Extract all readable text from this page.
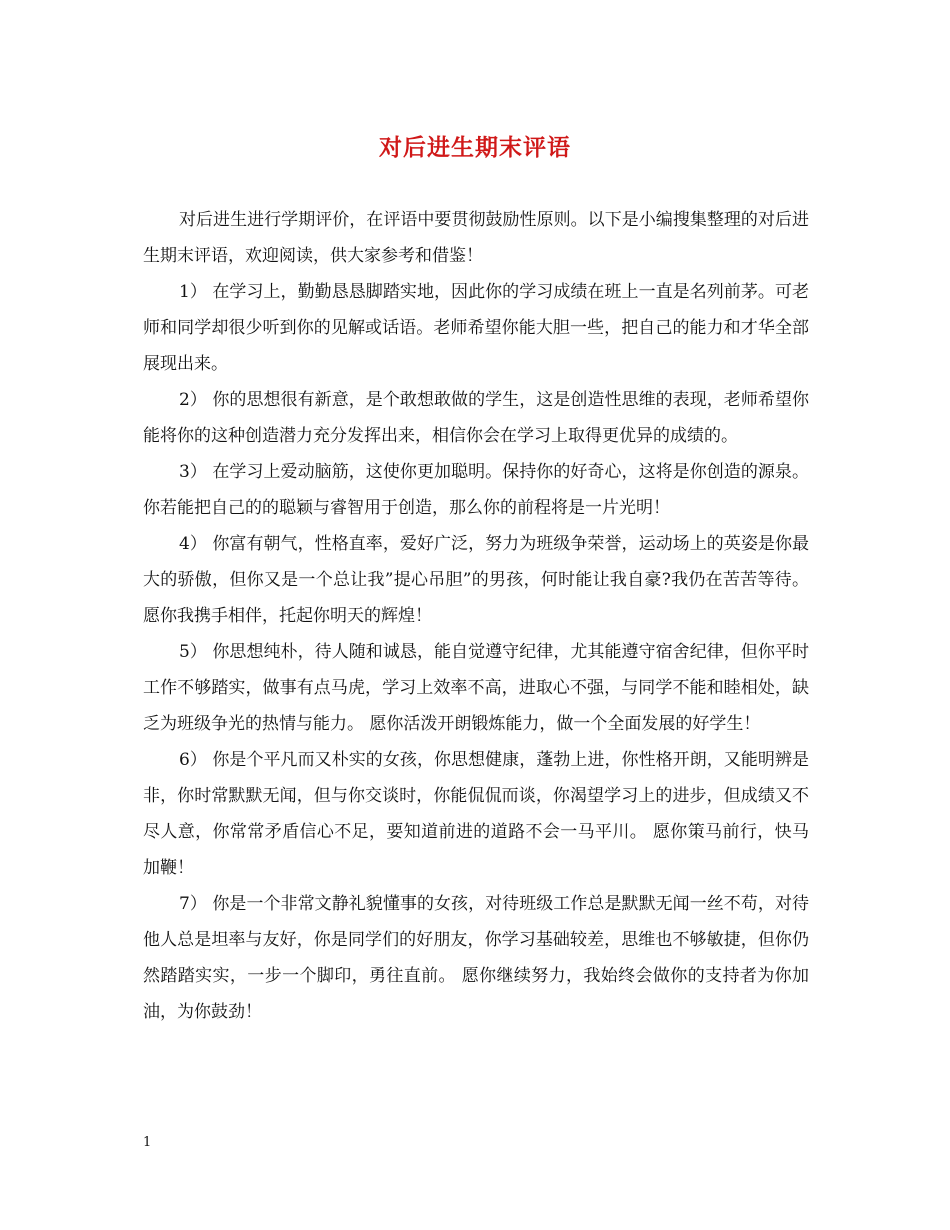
对后进生期末评语

对后进生进行学期评价，在评语中要贯彻鼓励性原则。以下是小编搜集整理的对后进生期末评语，欢迎阅读，供大家参考和借鉴！

1） 在学习上，勤勤恳恳脚踏实地，因此你的学习成绩在班上一直是名列前茅。可老师和同学却很少听到你的见解或话语。老师希望你能大胆一些，把自己的能力和才华全部展现出来。

2） 你的思想很有新意，是个敢想敢做的学生，这是创造性思维的表现，老师希望你能将你的这种创造潜力充分发挥出来，相信你会在学习上取得更优异的成绩的。

3） 在学习上爱动脑筋，这使你更加聪明。保持你的好奇心，这将是你创造的源泉。你若能把自己的的聪颖与睿智用于创造，那么你的前程将是一片光明！

4） 你富有朝气，性格直率，爱好广泛，努力为班级争荣誉，运动场上的英姿是你最大的骄傲，但你又是一个总让我”提心吊胆”的男孩，何时能让我自豪?我仍在苦苦等待。愿你我携手相伴，托起你明天的辉煌！

5） 你思想纯朴，待人随和诚恳，能自觉遵守纪律，尤其能遵守宿舍纪律，但你平时工作不够踏实，做事有点马虎，学习上效率不高，进取心不强，与同学不能和睦相处，缺乏为班级争光的热情与能力。 愿你活泼开朗锻炼能力，做一个全面发展的好学生！

6） 你是个平凡而又朴实的女孩，你思想健康，蓬勃上进，你性格开朗，又能明辨是非，你时常默默无闻，但与你交谈时，你能侃侃而谈，你渴望学习上的进步，但成绩又不尽人意，你常常矛盾信心不足，要知道前进的道路不会一马平川。 愿你策马前行，快马加鞭！

7） 你是一个非常文静礼貌懂事的女孩，对待班级工作总是默默无闻一丝不苟，对待他人总是坦率与友好，你是同学们的好朋友，你学习基础较差，思维也不够敏捷，但你仍然踏踏实实，一步一个脚印，勇往直前。 愿你继续努力，我始终会做你的支持者为你加油，为你鼓劲！

1
